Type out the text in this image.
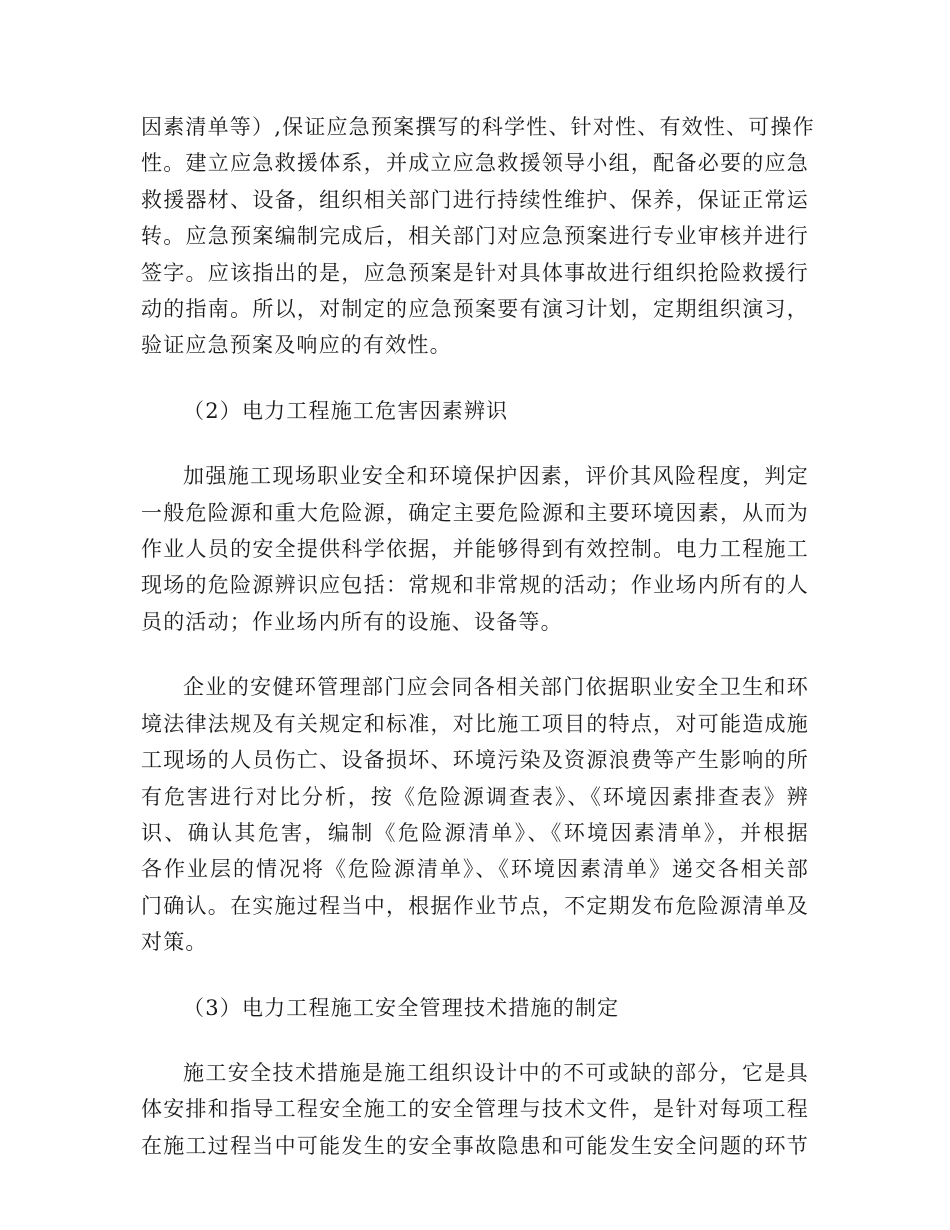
因素清单等）,保证应急预案撰写的科学性、针对性、有效性、可操作
性。建立应急救援体系，并成立应急救援领导小组，配备必要的应急
救援器材、设备，组织相关部门进行持续性维护、保养，保证正常运
转。应急预案编制完成后，相关部门对应急预案进行专业审核并进行
签字。应该指出的是，应急预案是针对具体事故进行组织抢险救援行
动的指南。所以，对制定的应急预案要有演习计划，定期组织演习，
验证应急预案及响应的有效性。

（2）电力工程施工危害因素辨识

加强施工现场职业安全和环境保护因素，评价其风险程度，判定
一般危险源和重大危险源，确定主要危险源和主要环境因素，从而为
作业人员的安全提供科学依据，并能够得到有效控制。电力工程施工
现场的危险源辨识应包括：常规和非常规的活动；作业场内所有的人
员的活动；作业场内所有的设施、设备等。

企业的安健环管理部门应会同各相关部门依据职业安全卫生和环
境法律法规及有关规定和标准，对比施工项目的特点，对可能造成施
工现场的人员伤亡、设备损坏、环境污染及资源浪费等产生影响的所
有危害进行对比分析，按《危险源调查表》、《环境因素排查表》辨
识、确认其危害，编制《危险源清单》、《环境因素清单》，并根据
各作业层的情况将《危险源清单》、《环境因素清单》递交各相关部
门确认。在实施过程当中，根据作业节点，不定期发布危险源清单及
对策。

（3）电力工程施工安全管理技术措施的制定

施工安全技术措施是施工组织设计中的不可或缺的部分，它是具
体安排和指导工程安全施工的安全管理与技术文件，是针对每项工程
在施工过程当中可能发生的安全事故隐患和可能发生安全问题的环节
